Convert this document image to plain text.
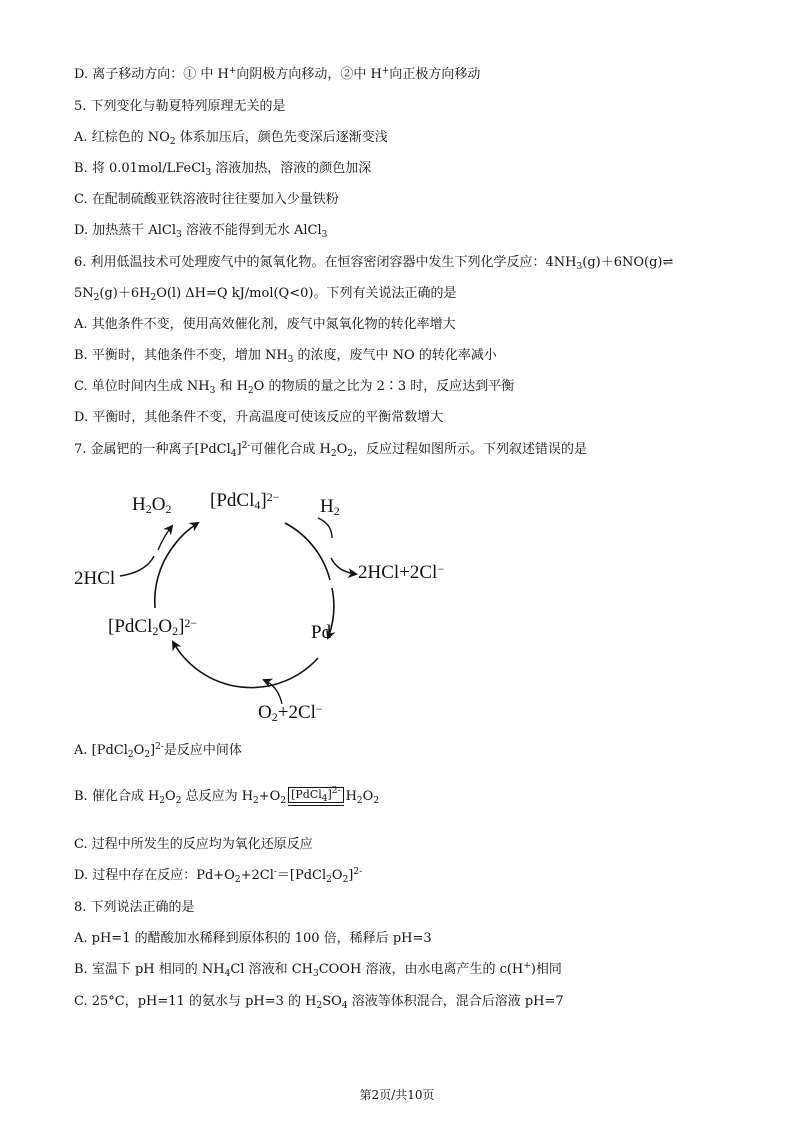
D. 离子移动方向：① 中 H+向阴极方向移动，②中 H+向正极方向移动
5. 下列变化与勒夏特列原理无关的是
A. 红棕色的 $NO_2$ 体系加压后，颜色先变深后逐渐变浅
B. 将 0.01mol/LFeCl$_3$ 溶液加热，溶液的颜色加深
C. 在配制硫酸亚铁溶液时往往要加入少量铁粉
D. 加热蒸干 AlCl$_3$ 溶液不能得到无水 AlCl$_3$
6. 利用低温技术可处理废气中的氮氧化物。在恒容密闭容器中发生下列化学反应：$4NH_3(g)+6NO(g)\rightleftharpoons$
$5N_2(g)+6H_2O(l)$ ΔH=Q kJ/mol(Q<0)。下列有关说法正确的是
A. 其他条件不变，使用高效催化剂，废气中氮氧化物的转化率增大
B. 平衡时，其他条件不变，增加 $NH_3$ 的浓度，废气中 NO 的转化率减小
C. 单位时间内生成 $NH_3$ 和 $H_2O$ 的物质的量之比为 2∶3 时，反应达到平衡
D. 平衡时，其他条件不变，升高温度可使该反应的平衡常数增大
7. 金属钯的一种离子[PdCl$_4$]$^{2-}$可催化合成 $H_2O_2$，反应过程如图所示。下列叙述错误的是
$H_2O_2$ [PdCl$_4$]$^{2-}$ $H_2$
2HCl+2Cl−
2HCl
Pd
$[PdCl_2O_2]^{2-}$
$O_2+2Cl^-$
A. $[PdCl_2O_2]^{2-}$是反应中间体
B. 催化合成 $H_2O_2$ 总反应为 $H_2+O_2$ [PdCl$_4$]$^{2-}$ $H_2O_2$
C. 过程中所发生的反应均为氧化还原反应
D. 过程中存在反应：$Pd+O_2+2Cl^-=[PdCl_2O_2]^{2-}$
8. 下列说法正确的是
A. pH=1 的醋酸加水稀释到原体积的 100 倍，稀释后 pH=3
B. 室温下 pH 相同的 $NH_4Cl$ 溶液和 $CH_3COOH$ 溶液，由水电离产生的 c(H+)相同
C. 25°C，pH=11 的氨水与 pH=3 的 $H_2SO_4$ 溶液等体积混合，混合后溶液 pH=7
第2页/共10页
